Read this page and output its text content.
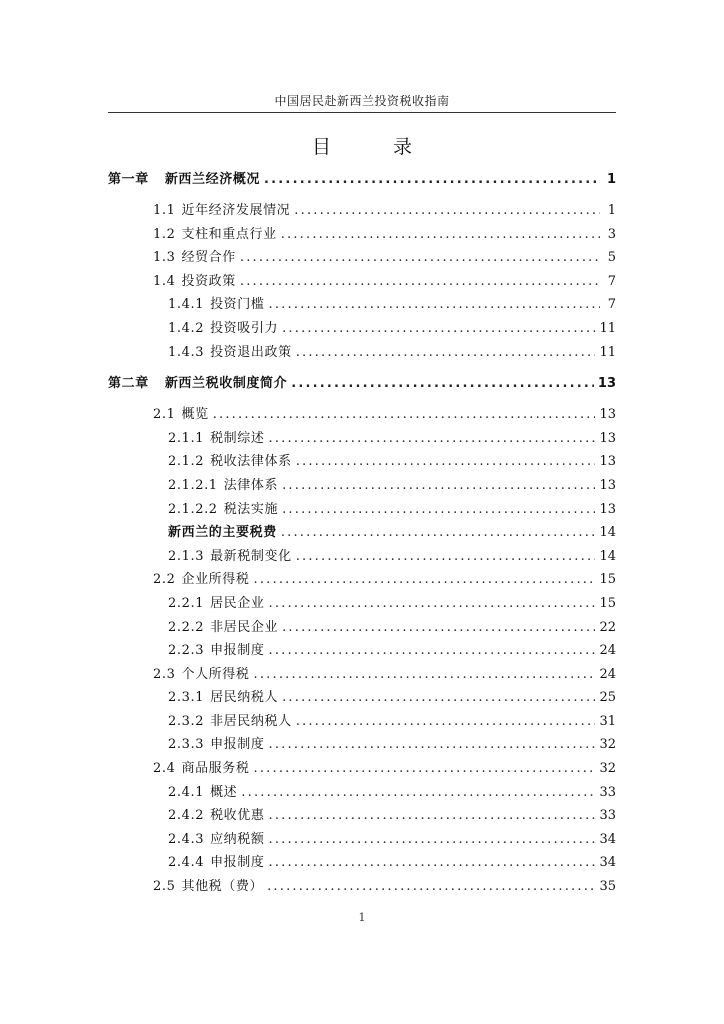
中国居民赴新西兰投资税收指南
目 录
第一章 新西兰经济概况 .....	1
1.1 近年经济发展情况 .....	1
1.2 支柱和重点行业 .....	3
1.3 经贸合作 .....	5
1.4 投资政策 .....	7
1.4.1 投资门槛 .....	7
1.4.2 投资吸引力 .....	11
1.4.3 投资退出政策 .....	11
第二章 新西兰税收制度简介 .....	13
2.1 概览 .....	13
2.1.1 税制综述 .....	13
2.1.2 税收法律体系 .....	13
2.1.2.1 法律体系 .....	13
2.1.2.2 税法实施 .....	13
新西兰的主要税费 .....	14
2.1.3 最新税制变化 .....	14
2.2 企业所得税 .....	15
2.2.1 居民企业 .....	15
2.2.2 非居民企业 .....	22
2.2.3 申报制度 .....	24
2.3 个人所得税 .....	24
2.3.1 居民纳税人 .....	25
2.3.2 非居民纳税人 .....	31
2.3.3 申报制度 .....	32
2.4 商品服务税 .....	32
2.4.1 概述 .....	33
2.4.2 税收优惠 .....	33
2.4.3 应纳税额 .....	34
2.4.4 申报制度 .....	34
2.5 其他税（费） .....	35
1
